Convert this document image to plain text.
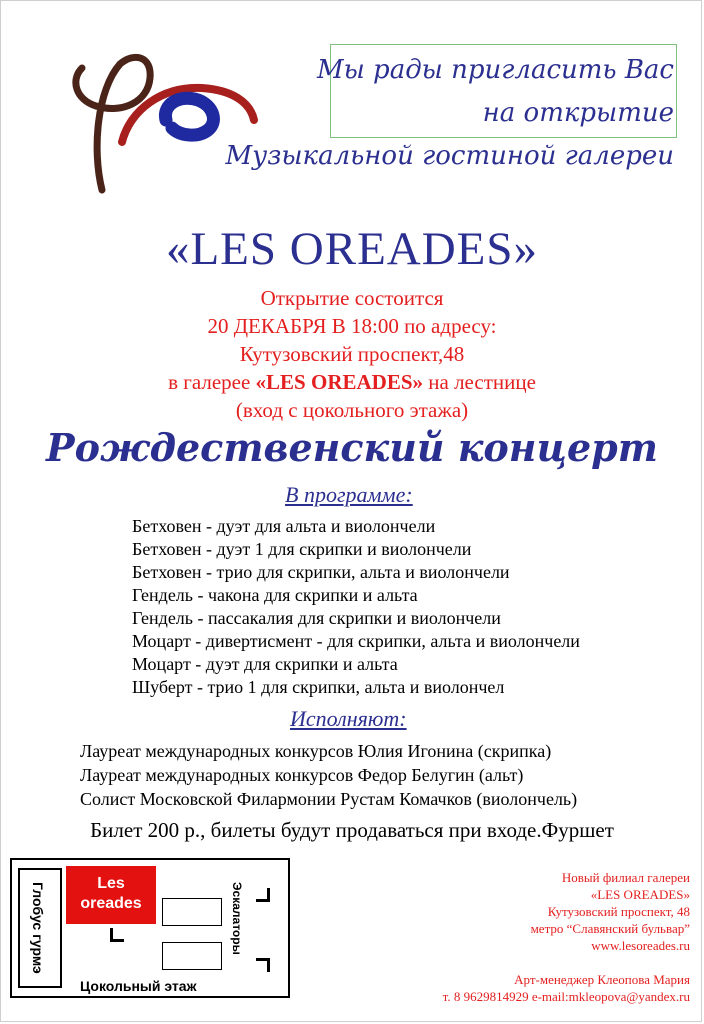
Мы рады пригласить Вас
на открытие
Музыкальной гостиной галереи
«LES OREADES»
Открытие состоится
20 ДЕКАБРЯ В 18:00 по адресу:
Кутузовский проспект,48
в галерее «LES OREADES» на лестнице
(вход с цокольного этажа)
Рождественский концерт
В программе:
Бетховен - дуэт для альта и виолончели
Бетховен - дуэт 1 для скрипки и виолончели
Бетховен - трио для скрипки, альта и виолончели
Гендель - чакона для скрипки и альта
Гендель - пассакалия для скрипки и виолончели
Моцарт - дивертисмент - для скрипки, альта и виолончели
Моцарт - дуэт для скрипки и альта
Шуберт - трио 1 для скрипки, альта и виолончел
Исполняют:
Лауреат международных конкурсов Юлия Игонина (скрипка)
Лауреат международных конкурсов Федор Белугин (альт)
Солист Московской Филармонии Рустам Комачков (виолончель)
Билет 200 р., билеты будут продаваться при входе.Фуршет
Глобус гурмэ	Les
oreades	Эскалаторы
Цокольный этаж
Новый филиал галереи
«LES OREADES»
Кутузовский проспект, 48
метро “Славянский бульвар”
www.lesoreades.ru
Арт-менеджер Клеопова Мария
т. 8 9629814929 e-mail:mkleopova@yandex.ru
